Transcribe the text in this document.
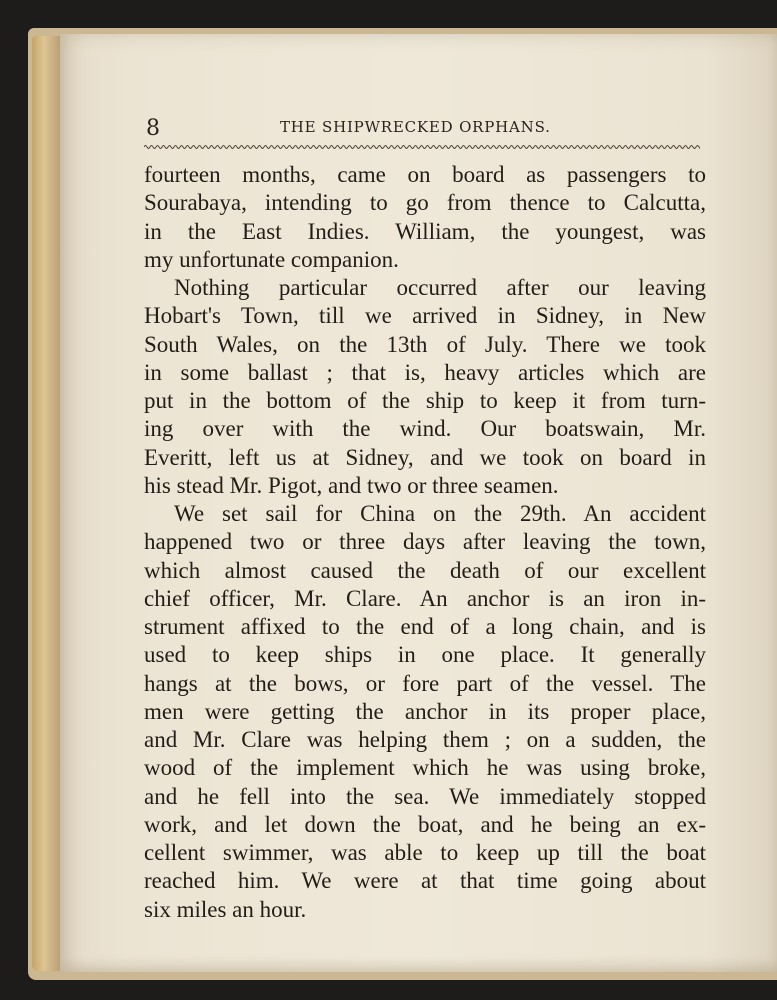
8	THE SHIPWRECKED ORPHANS.
fourteen months, came on board as passengers to
Sourabaya, intending to go from thence to Calcutta,
in the East Indies. William, the youngest, was
my unfortunate companion.
Nothing particular occurred after our leaving
Hobart's Town, till we arrived in Sidney, in New
South Wales, on the 13th of July. There we took
in some ballast ; that is, heavy articles which are
put in the bottom of the ship to keep it from turn-
ing over with the wind. Our boatswain, Mr.
Everitt, left us at Sidney, and we took on board in
his stead Mr. Pigot, and two or three seamen.
We set sail for China on the 29th. An accident
happened two or three days after leaving the town,
which almost caused the death of our excellent
chief officer, Mr. Clare. An anchor is an iron in-
strument affixed to the end of a long chain, and is
used to keep ships in one place. It generally
hangs at the bows, or fore part of the vessel. The
men were getting the anchor in its proper place,
and Mr. Clare was helping them ; on a sudden, the
wood of the implement which he was using broke,
and he fell into the sea. We immediately stopped
work, and let down the boat, and he being an ex-
cellent swimmer, was able to keep up till the boat
reached him. We were at that time going about
six miles an hour.
